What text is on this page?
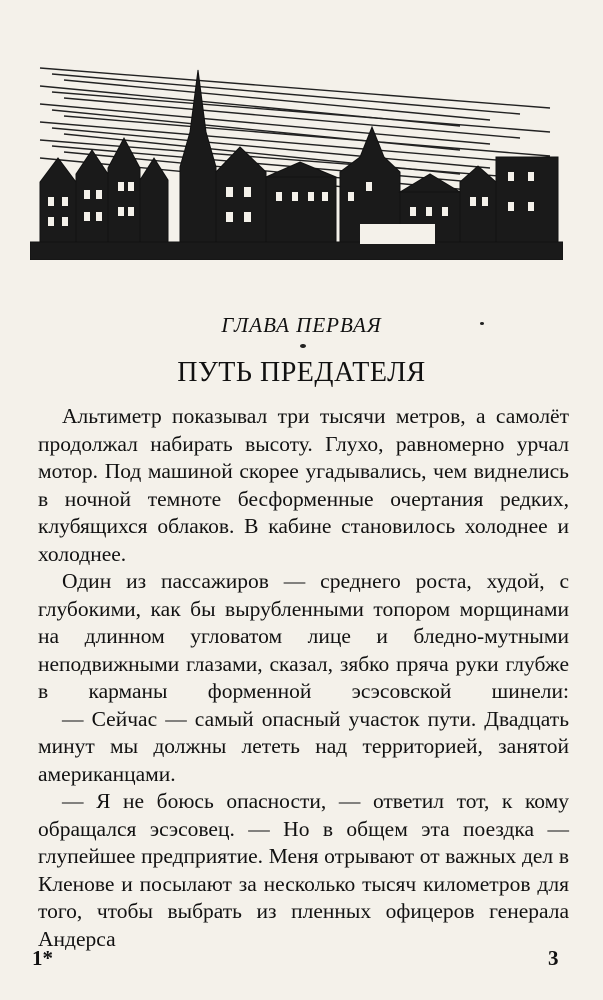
ГЛАВА ПЕРВАЯ
ПУТЬ ПРЕДАТЕЛЯ

Альтиметр показывал три тысячи метров, а самолёт продолжал набирать высоту. Глухо, равномерно урчал мотор. Под машиной скорее угадывались, чем виднелись в ночной темноте бесформенные очертания редких, клубящихся облаков. В кабине становилось холоднее и холоднее.

Один из пассажиров — среднего роста, худой, с глубокими, как бы вырубленными топором морщинами на длинном угловатом лице и бледно-мутными неподвижными глазами, сказал, зябко пряча руки глубже в карманы форменной эсэсовской шинели:

— Сейчас — самый опасный участок пути. Двадцать минут мы должны лететь над территорией, занятой американцами.

— Я не боюсь опасности, — ответил тот, к кому обращался эсэсовец. — Но в общем эта поездка — глупейшее предприятие. Меня отрывают от важных дел в Кленове и посылают за несколько тысяч километров для того, чтобы выбрать из пленных офицеров генерала Андерса

1*	3
